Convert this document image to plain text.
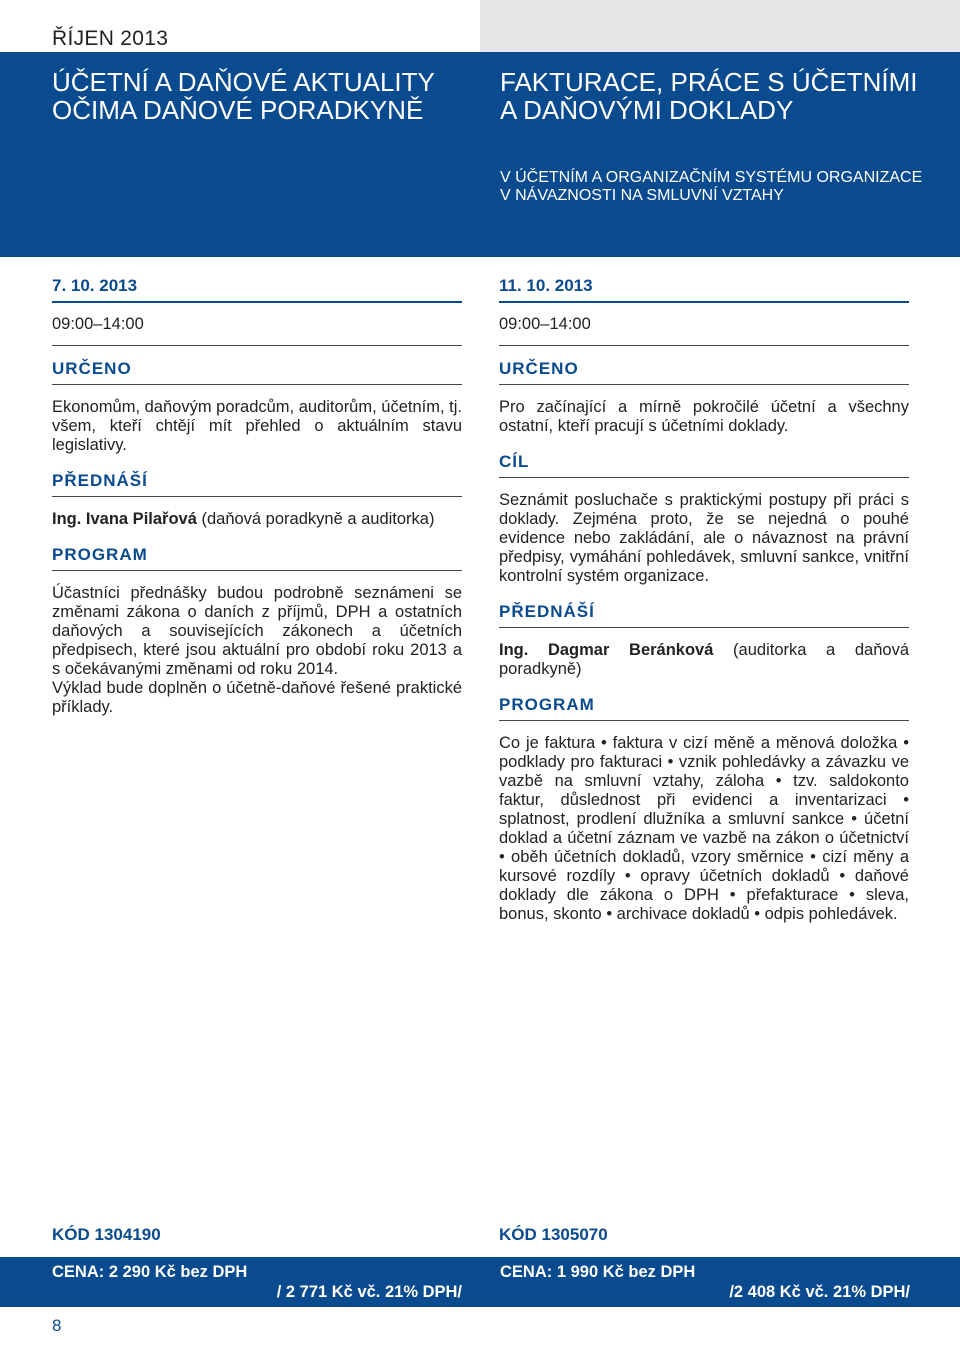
ŘÍJEN 2013
ÚČETNÍ A DAŇOVÉ AKTUALITY OČIMA DAŇOVÉ PORADKYNĚ
FAKTURACE, PRÁCE S ÚČETNÍMI A DAŇOVÝMI DOKLADY
V ÚČETNÍM A ORGANIZAČNÍM SYSTÉMU ORGANIZACE V NÁVAZNOSTI NA SMLUVNÍ VZTAHY
7. 10. 2013
09:00–14:00
URČENO

Ekonomům, daňovým poradcům, auditorům, účetním, tj. všem, kteří chtějí mít přehled o aktuálním stavu legislativy.

PŘEDNÁŠÍ

Ing. Ivana Pilařová (daňová poradkyně a auditorka)

PROGRAM

Účastníci přednášky budou podrobně seznámeni se změnami zákona o daních z příjmů, DPH a ostatních daňových a souvisejících zákonech a účetních předpisech, které jsou aktuální pro období roku 2013 a s očekávanými změnami od roku 2014.

Výklad bude doplněn o účetně-daňové řešené praktické příklady.

11. 10. 2013
09:00–14:00
URČENO

Pro začínající a mírně pokročilé účetní a všechny ostatní, kteří pracují s účetními doklady.

CÍL

Seznámit posluchače s praktickými postupy při práci s doklady. Zejména proto, že se nejedná o pouhé evidence nebo zakládání, ale o návaznost na právní předpisy, vymáhání pohledávek, smluvní sankce, vnitřní kontrolní systém organizace.

PŘEDNÁŠÍ

Ing. Dagmar Beránková (auditorka a daňová poradkyně)

PROGRAM

Co je faktura • faktura v cizí měně a měnová doložka • podklady pro fakturaci • vznik pohledávky a závazku ve vazbě na smluvní vztahy, záloha • tzv. saldokonto faktur, důslednost při evidenci a inventarizaci • splatnost, prodlení dlužníka a smluvní sankce • účetní doklad a účetní záznam ve vazbě na zákon o účetnictví • oběh účetních dokladů, vzory směrnice • cizí měny a kursové rozdíly • opravy účetních dokladů • daňové doklady dle zákona o DPH • přefakturace • sleva, bonus, skonto • archivace dokladů • odpis pohledávek.

KÓD 1304190	KÓD 1305070
CENA: 2 290 Kč bez DPH
/ 2 771 Kč vč. 21% DPH/
CENA: 1 990 Kč bez DPH
/2 408 Kč vč. 21% DPH/
8
